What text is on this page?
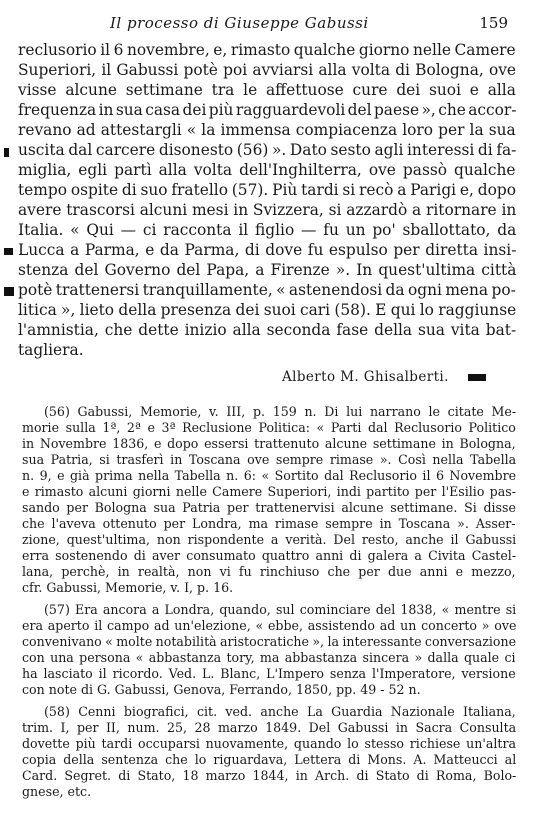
Il processo di Giuseppe Gabussi	159
reclusorio il 6 novembre, e, rimasto qualche giorno nelle Camere
Superiori, il Gabussi potè poi avviarsi alla volta di Bologna, ove
visse alcune settimane tra le affettuose cure dei suoi e alla
frequenza in sua casa dei più ragguardevoli del paese », che accor-
revano ad attestargli « la immensa compiacenza loro per la sua
uscita dal carcere disonesto (56) ». Dato sesto agli interessi di fa-
miglia, egli partì alla volta dell'Inghilterra, ove passò qualche
tempo ospite di suo fratello (57). Più tardi si recò a Parigi e, dopo
avere trascorsi alcuni mesi in Svizzera, si azzardò a ritornare in
Italia. « Qui — ci racconta il figlio — fu un po' sballottato, da
Lucca a Parma, e da Parma, di dove fu espulso per diretta insi-
stenza del Governo del Papa, a Firenze ». In quest'ultima città
potè trattenersi tranquillamente, « astenendosi da ogni mena po-
litica », lieto della presenza dei suoi cari (58). E qui lo raggiunse
l'amnistia, che dette inizio alla seconda fase della sua vita bat-
tagliera.
Alberto M. Ghisalberti.
(56) Gabussi, Memorie, v. III, p. 159 n. Di lui narrano le citate Me-
morie sulla 1ª, 2ª e 3ª Reclusione Politica: « Parti dal Reclusorio Politico
in Novembre 1836, e dopo essersi trattenuto alcune settimane in Bologna,
sua Patria, si trasferì in Toscana ove sempre rimase ». Così nella Tabella
n. 9, e già prima nella Tabella n. 6: « Sortito dal Reclusorio il 6 Novembre
e rimasto alcuni giorni nelle Camere Superiori, indi partito per l'Esilio pas-
sando per Bologna sua Patria per trattenervisi alcune settimane. Si disse
che l'aveva ottenuto per Londra, ma rimase sempre in Toscana ». Asser-
zione, quest'ultima, non rispondente a verità. Del resto, anche il Gabussi
erra sostenendo di aver consumato quattro anni di galera a Civita Castel-
lana, perchè, in realtà, non vi fu rinchiuso che per due anni e mezzo,
cfr. Gabussi, Memorie, v. I, p. 16.
(57) Era ancora a Londra, quando, sul cominciare del 1838, « mentre si
era aperto il campo ad un'elezione, « ebbe, assistendo ad un concerto » ove
convenivano « molte notabilità aristocratiche », la interessante conversazione
con una persona « abbastanza tory, ma abbastanza sincera » dalla quale ci
ha lasciato il ricordo. Ved. L. Blanc, L'Impero senza l'Imperatore, versione
con note di G. Gabussi, Genova, Ferrando, 1850, pp. 49 - 52 n.
(58) Cenni biografici, cit. ved. anche La Guardia Nazionale Italiana,
trim. I, per II, num. 25, 28 marzo 1849. Del Gabussi in Sacra Consulta
dovette più tardi occuparsi nuovamente, quando lo stesso richiese un'altra
copia della sentenza che lo riguardava, Lettera di Mons. A. Matteucci al
Card. Segret. di Stato, 18 marzo 1844, in Arch. di Stato di Roma, Bolo-
gnese, etc.
